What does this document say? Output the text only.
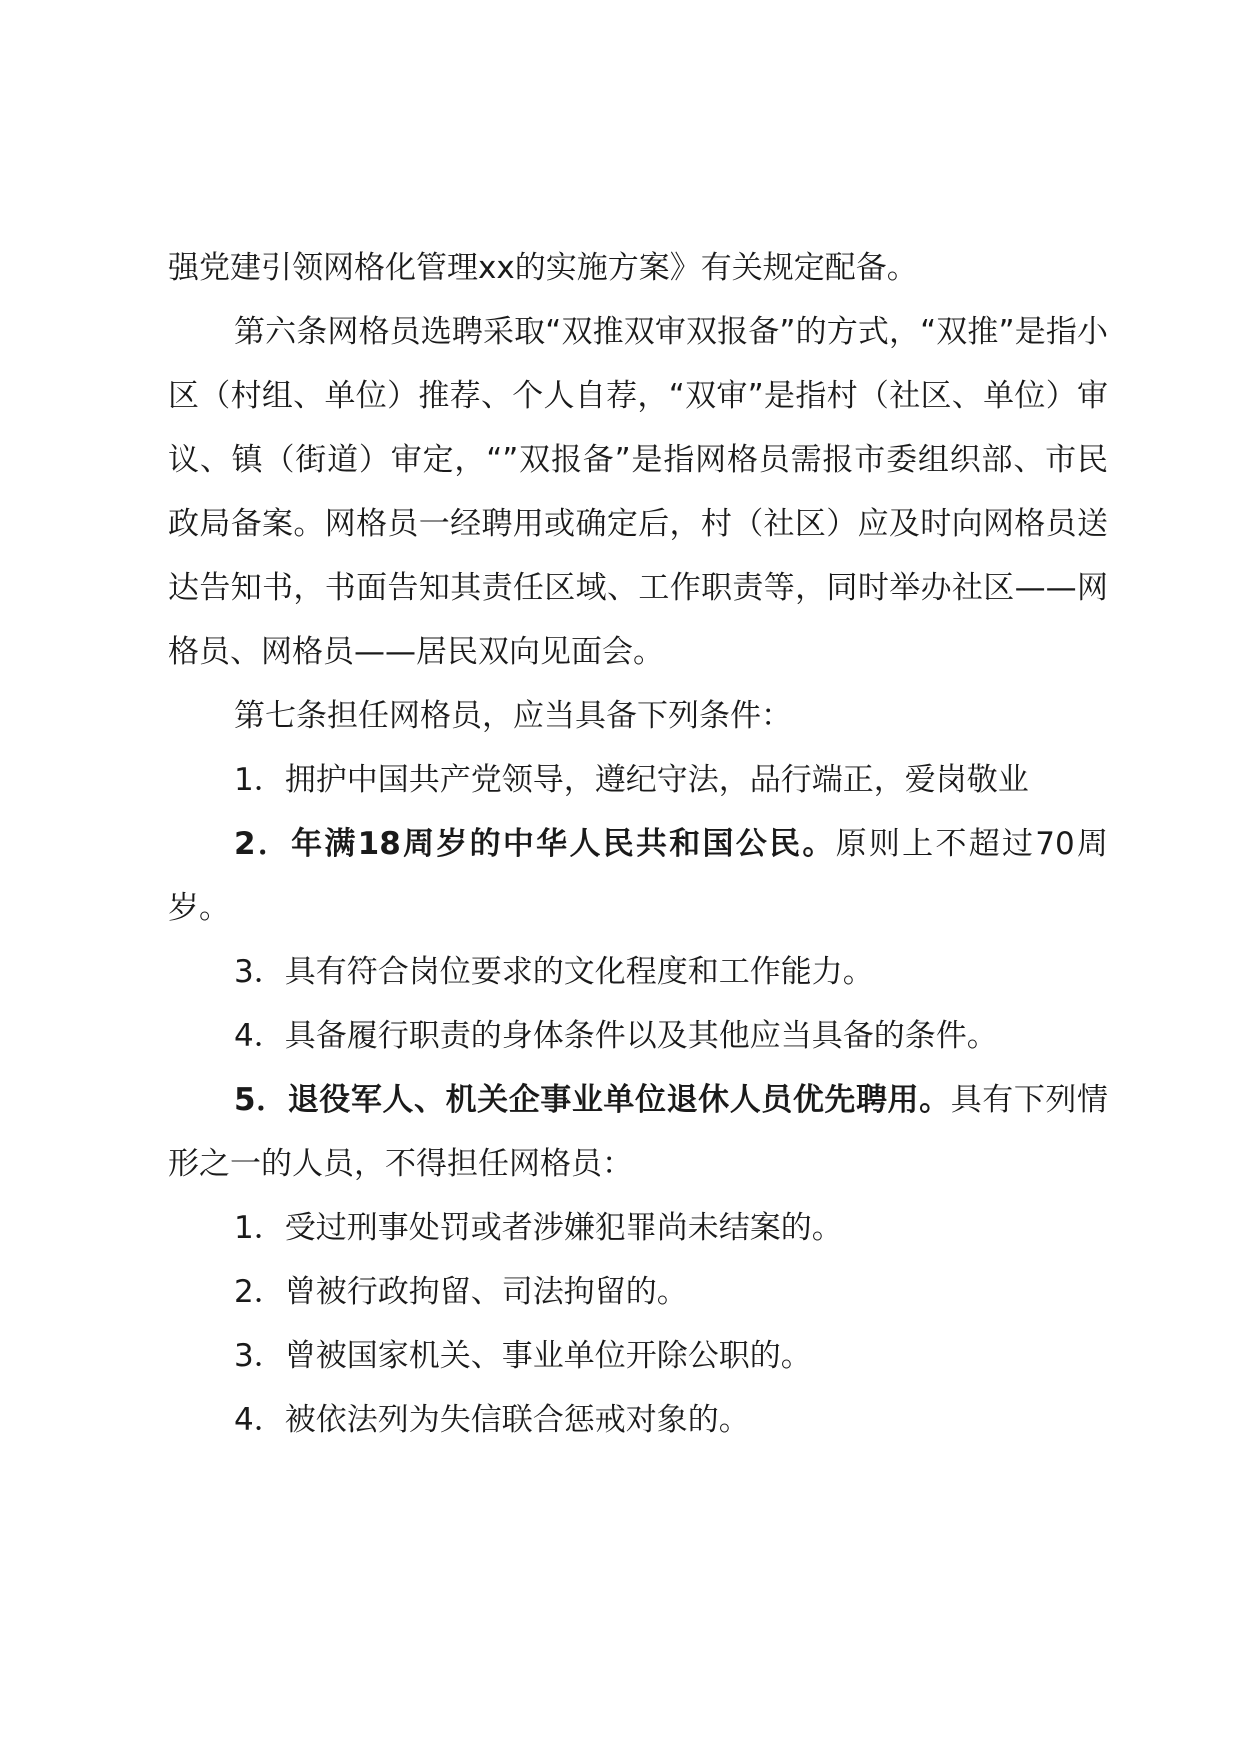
强党建引领网格化管理xx的实施方案》有关规定配备。

第六条网格员选聘采取“双推双审双报备”的方式，“双推”是指小区（村组、单位）推荐、个人自荐，“双审”是指村（社区、单位）审议、镇（街道）审定，“”双报备”是指网格员需报市委组织部、市民政局备案。网格员一经聘用或确定后，村（社区）应及时向网格员送达告知书，书面告知其责任区域、工作职责等，同时举办社区——网格员、网格员——居民双向见面会。

第七条担任网格员，应当具备下列条件：

1．拥护中国共产党领导，遵纪守法，品行端正，爱岗敬业

2．年满18周岁的中华人民共和国公民。原则上不超过70周岁。

3．具有符合岗位要求的文化程度和工作能力。

4．具备履行职责的身体条件以及其他应当具备的条件。

5．退役军人、机关企事业单位退休人员优先聘用。具有下列情形之一的人员，不得担任网格员：

1．受过刑事处罚或者涉嫌犯罪尚未结案的。

2．曾被行政拘留、司法拘留的。

3．曾被国家机关、事业单位开除公职的。

4．被依法列为失信联合惩戒对象的。
